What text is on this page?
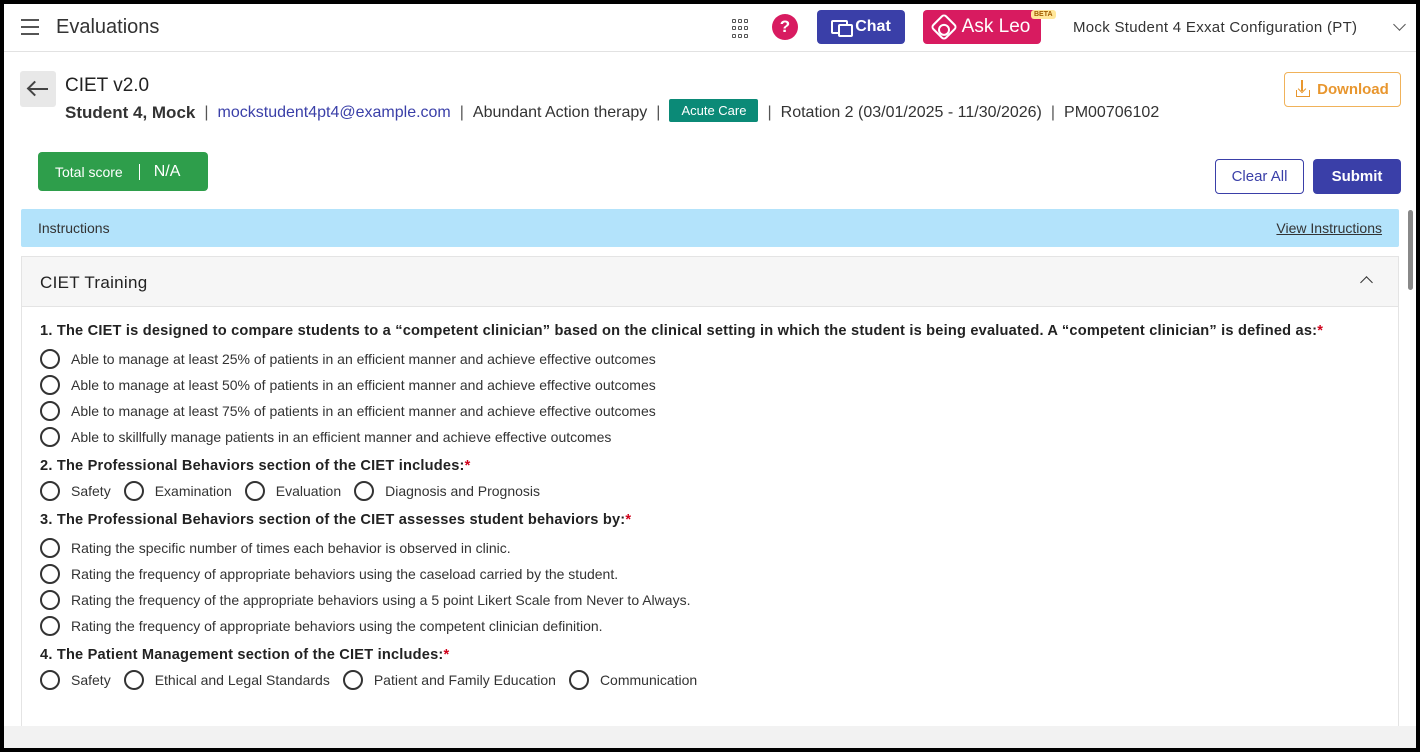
Evaluations	?	Chat	Ask Leo
BETA
Mock Student 4 Exxat Configuration (PT)
CIET v2.0
Student 4, Mock | mockstudent4pt4@example.com | Abundant Action therapy |	Acute Care	| Rotation 2 (03/01/2025 - 11/30/2026) | PM00706102
Download
Total score N/A	Clear All	Submit
Instructions	View Instructions
CIET Training
1. The CIET is designed to compare students to a “competent clinician” based on the clinical setting in which the student is being evaluated. A “competent clinician” is defined as:*
Able to manage at least 25% of patients in an efficient manner and achieve effective outcomes
Able to manage at least 50% of patients in an efficient manner and achieve effective outcomes
Able to manage at least 75% of patients in an efficient manner and achieve effective outcomes
Able to skillfully manage patients in an efficient manner and achieve effective outcomes
2. The Professional Behaviors section of the CIET includes:*
Safety	Examination	Evaluation	Diagnosis and Prognosis
3. The Professional Behaviors section of the CIET assesses student behaviors by:*
Rating the specific number of times each behavior is observed in clinic.
Rating the frequency of appropriate behaviors using the caseload carried by the student.
Rating the frequency of the appropriate behaviors using a 5 point Likert Scale from Never to Always.
Rating the frequency of appropriate behaviors using the competent clinician definition.
4. The Patient Management section of the CIET includes:*
Safety	Ethical and Legal Standards	Patient and Family Education	Communication
